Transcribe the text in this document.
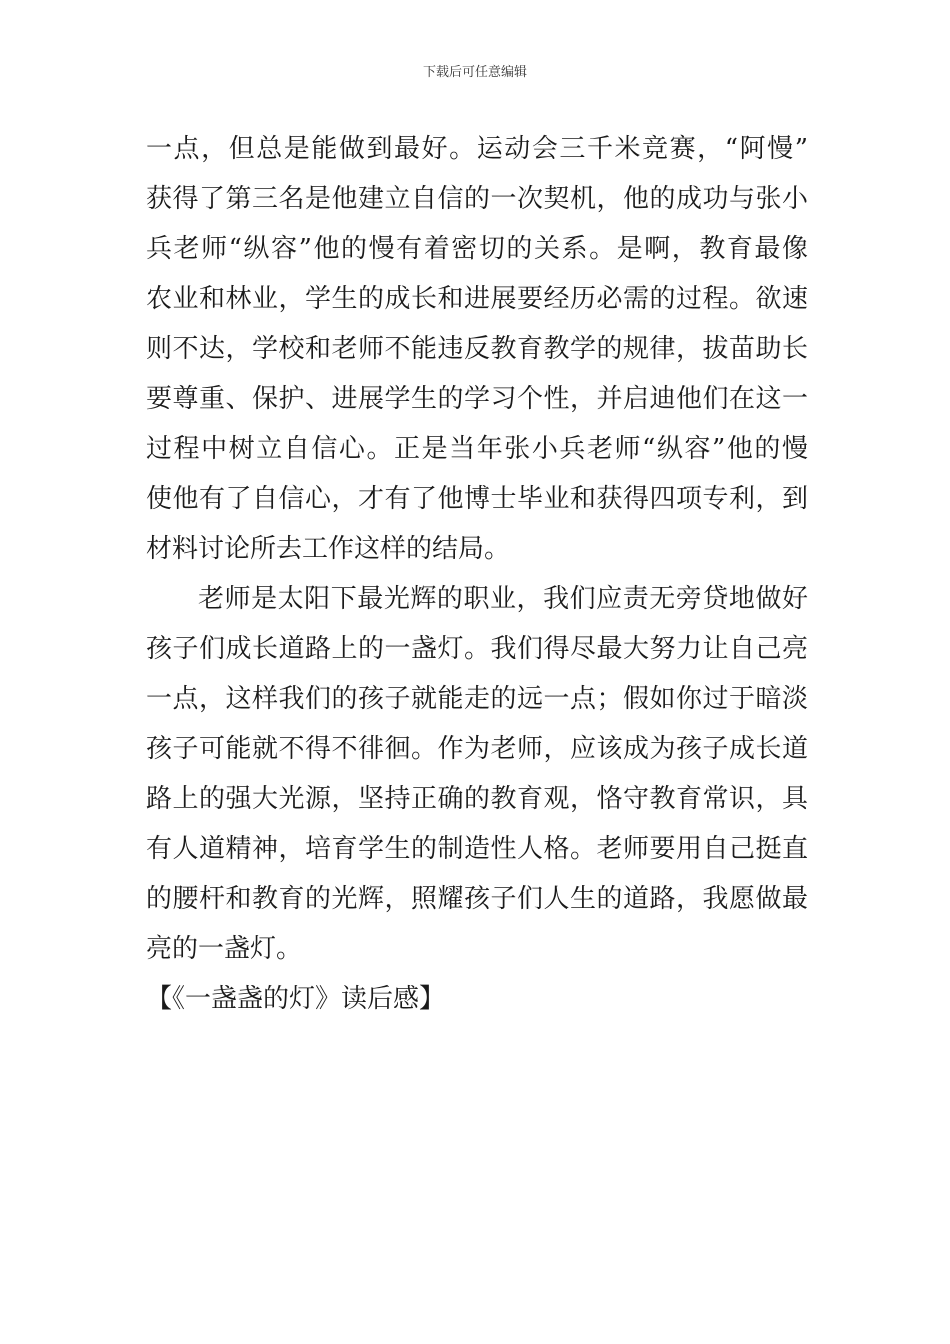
下载后可任意编辑
一点，但总是能做到最好。运动会三千米竞赛，“阿慢”
获得了第三名是他建立自信的一次契机，他的成功与张小
兵老师“纵容”他的慢有着密切的关系。是啊，教育最像
农业和林业，学生的成长和进展要经历必需的过程。欲速
则不达，学校和老师不能违反教育教学的规律，拔苗助长
要尊重、保护、进展学生的学习个性，并启迪他们在这一
过程中树立自信心。正是当年张小兵老师“纵容”他的慢
使他有了自信心，才有了他博士毕业和获得四项专利，到
材料讨论所去工作这样的结局。
老师是太阳下最光辉的职业，我们应责无旁贷地做好
孩子们成长道路上的一盏灯。我们得尽最大努力让自己亮
一点，这样我们的孩子就能走的远一点；假如你过于暗淡
孩子可能就不得不徘徊。作为老师，应该成为孩子成长道
路上的强大光源，坚持正确的教育观，恪守教育常识，具
有人道精神，培育学生的制造性人格。老师要用自己挺直
的腰杆和教育的光辉，照耀孩子们人生的道路，我愿做最
亮的一盏灯。
【《一盏盏的灯》读后感】
